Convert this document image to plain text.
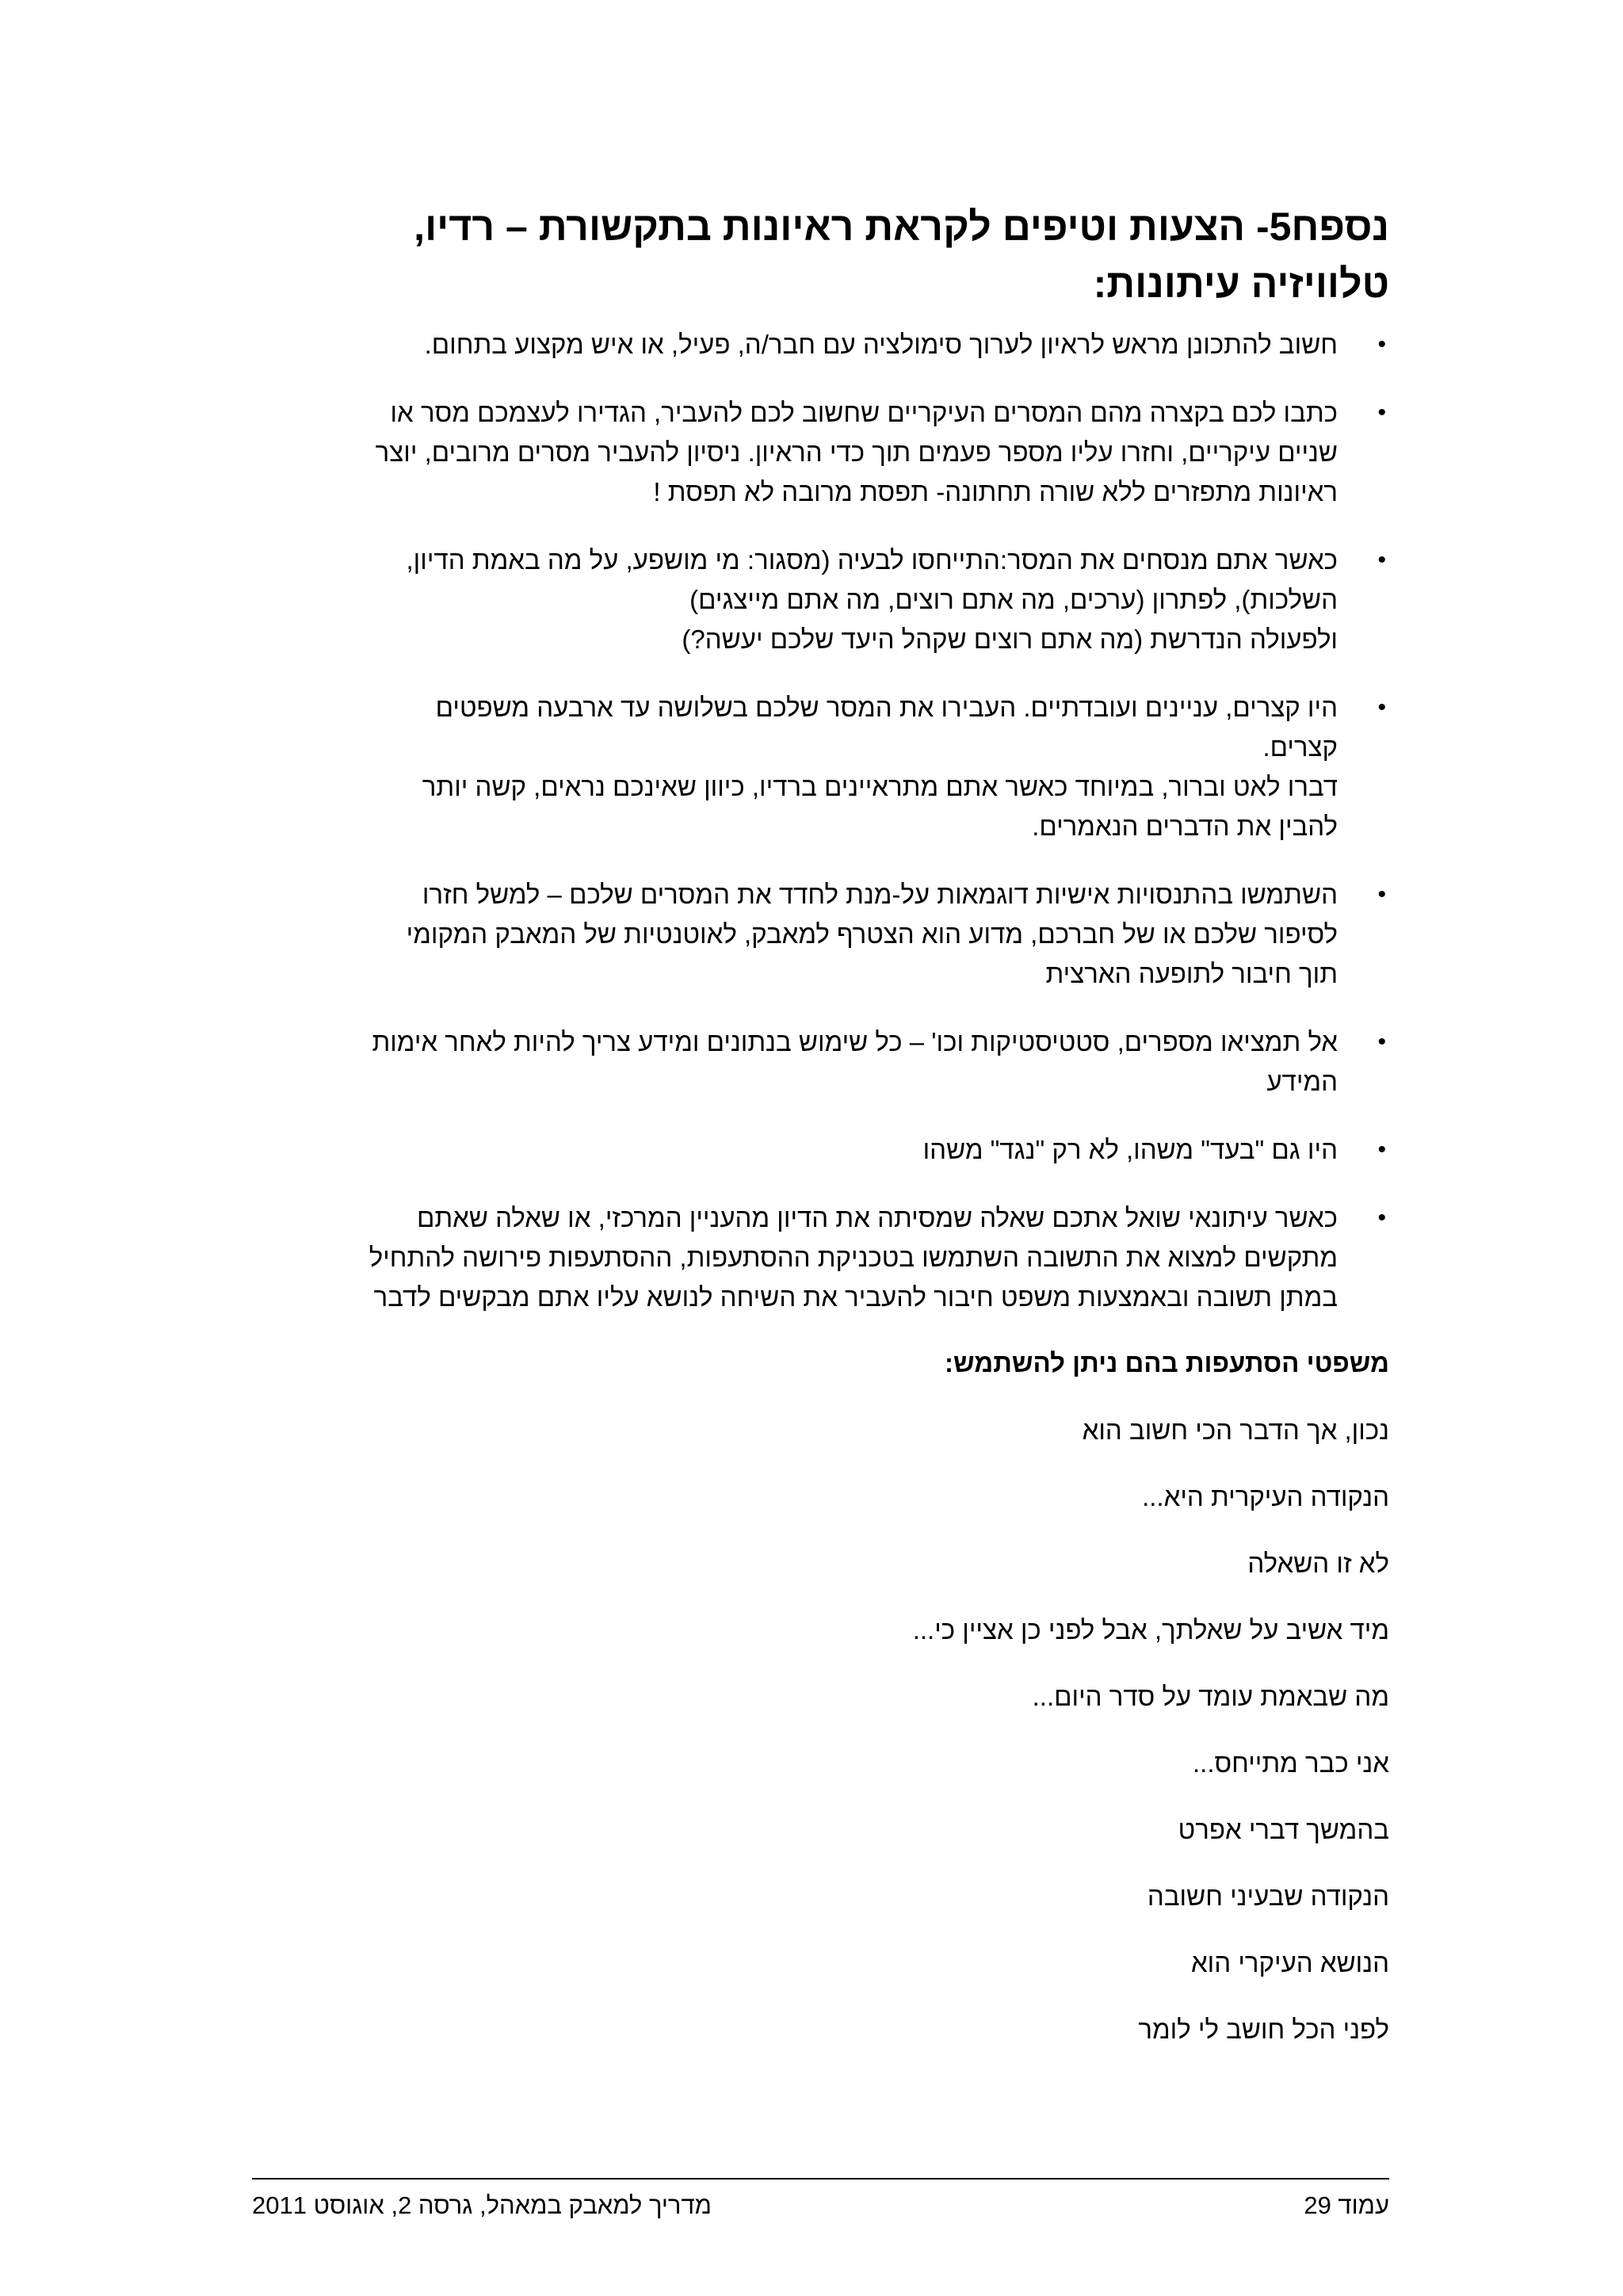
נספח5- הצעות וטיפים לקראת ראיונות בתקשורת – רדיו,
טלוויזיה עיתונות:
•
חשוב להתכונן מראש לראיון לערוך סימולציה עם חבר/ה, פעיל, או איש מקצוע בתחום.
•
כתבו לכם בקצרה מהם המסרים העיקריים שחשוב לכם להעביר, הגדירו לעצמכם מסר או
שניים עיקריים, וחזרו עליו מספר פעמים תוך כדי הראיון. ניסיון להעביר מסרים מרובים, יוצר
ראיונות מתפזרים ללא שורה תחתונה- תפסת מרובה לא תפסת !
•
כאשר אתם מנסחים את המסר:התייחסו לבעיה (מסגור: מי מושפע, על מה באמת הדיון,
השלכות), לפתרון (ערכים, מה אתם רוצים, מה אתם מייצגים)
ולפעולה הנדרשת (מה אתם רוצים שקהל היעד שלכם יעשה?)
•
היו קצרים, עניינים ועובדתיים. העבירו את המסר שלכם בשלושה עד ארבעה משפטים
קצרים.
דברו לאט וברור, במיוחד כאשר אתם מתראיינים ברדיו, כיוון שאינכם נראים, קשה יותר
להבין את הדברים הנאמרים.
•
השתמשו בהתנסויות אישיות דוגמאות על-מנת לחדד את המסרים שלכם – למשל חזרו
לסיפור שלכם או של חברכם, מדוע הוא הצטרף למאבק, לאוטנטיות של המאבק המקומי
תוך חיבור לתופעה הארצית
•
אל תמציאו מספרים, סטטיסטיקות וכו' – כל שימוש בנתונים ומידע צריך להיות לאחר אימות
המידע
•
היו גם "בעד" משהו, לא רק "נגד" משהו
•
כאשר עיתונאי שואל אתכם שאלה שמסיתה את הדיון מהעניין המרכזי, או שאלה שאתם
מתקשים למצוא את התשובה השתמשו בטכניקת ההסתעפות, ההסתעפות פירושה להתחיל
במתן תשובה ובאמצעות משפט חיבור להעביר את השיחה לנושא עליו אתם מבקשים לדבר
משפטי הסתעפות בהם ניתן להשתמש:
נכון, אך הדבר הכי חשוב הוא
הנקודה העיקרית היא...
לא זו השאלה
מיד אשיב על שאלתך, אבל לפני כן אציין כי...
מה שבאמת עומד על סדר היום...
אני כבר מתייחס...
בהמשך דברי אפרט
הנקודה שבעיני חשובה
הנושא העיקרי הוא
לפני הכל חושב לי לומר
עמוד 29
מדריך למאבק במאהל, גרסה 2, אוגוסט 2011
